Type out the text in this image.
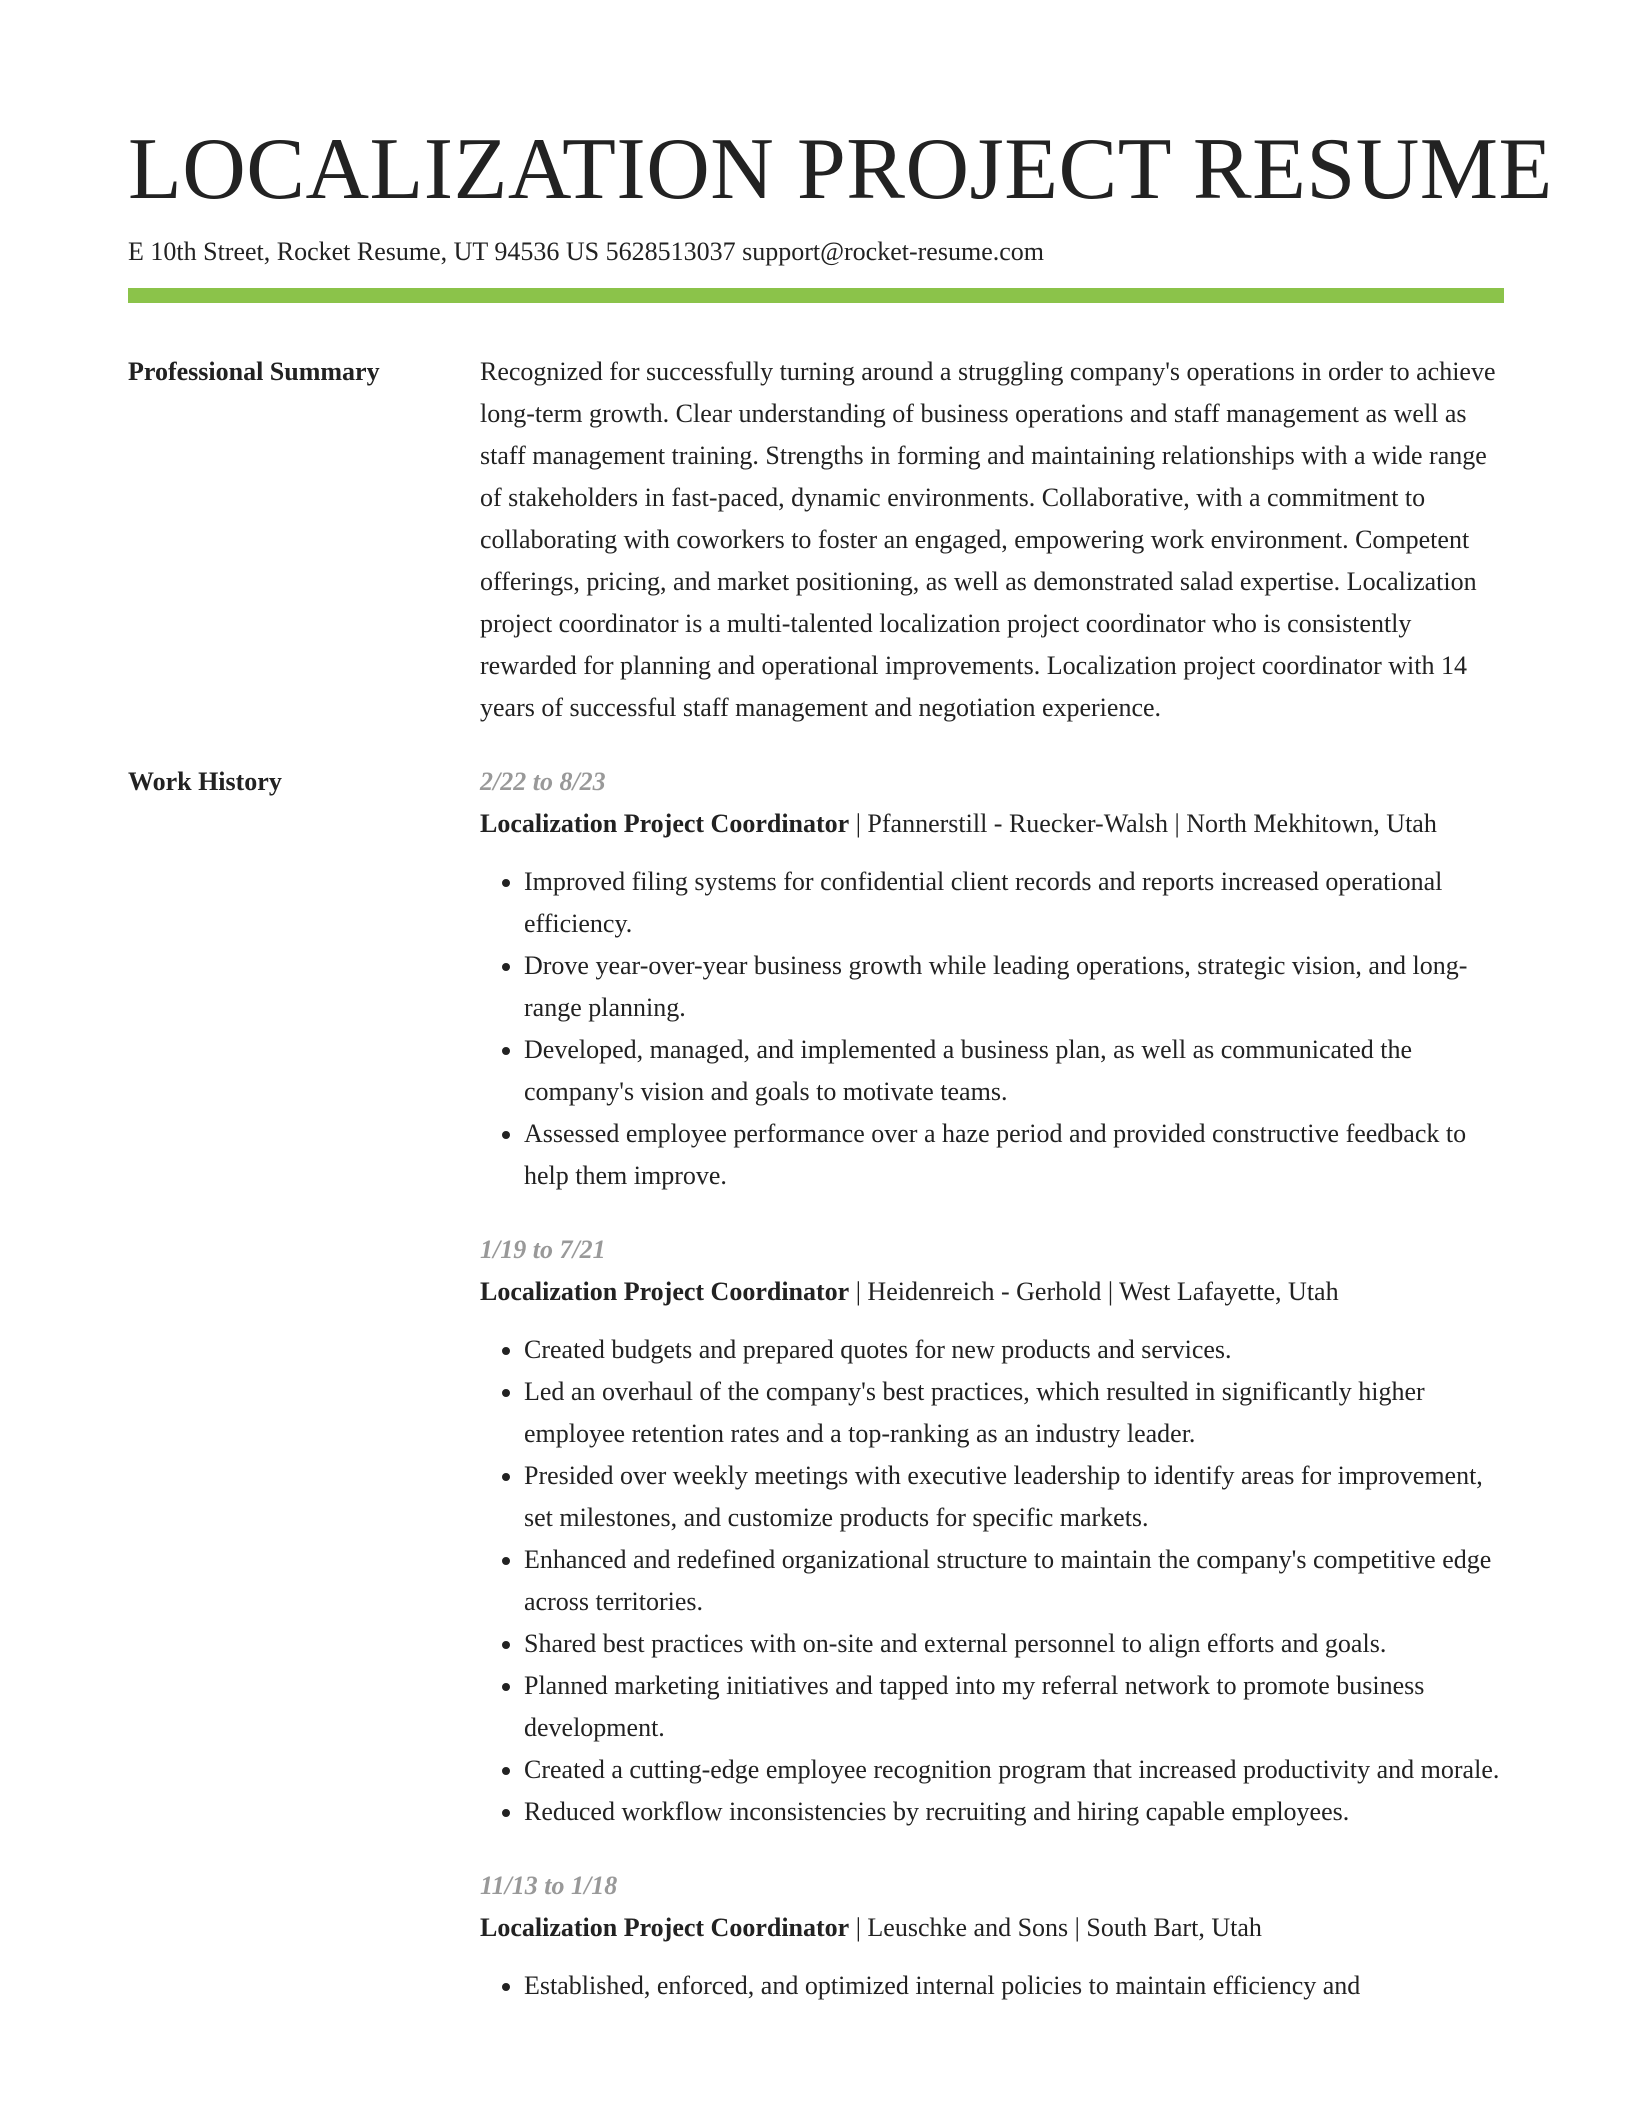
LOCALIZATION PROJECT RESUME
E 10th Street, Rocket Resume, UT 94536 US 5628513037 support@rocket-resume.com
Professional Summary	Recognized for successfully turning around a struggling company's operations in order to achieve long-term growth. Clear understanding of business operations and staff management as well as staff management training. Strengths in forming and maintaining relationships with a wide range of stakeholders in fast-paced, dynamic environments. Collaborative, with a commitment to collaborating with coworkers to foster an engaged, empowering work environment. Competent offerings, pricing, and market positioning, as well as demonstrated salad expertise. Localization project coordinator is a multi-talented localization project coordinator who is consistently rewarded for planning and operational improvements. Localization project coordinator with 14 years of successful staff management and negotiation experience.

Work History	2/22 to 8/23
Localization Project Coordinator | Pfannerstill - Ruecker-Walsh | North Mekhitown, Utah
• Improved filing systems for confidential client records and reports increased operational efficiency.
• Drove year-over-year business growth while leading operations, strategic vision, and long-range planning.
• Developed, managed, and implemented a business plan, as well as communicated the company's vision and goals to motivate teams.
• Assessed employee performance over a haze period and provided constructive feedback to help them improve.
1/19 to 7/21
Localization Project Coordinator | Heidenreich - Gerhold | West Lafayette, Utah
• Created budgets and prepared quotes for new products and services.
• Led an overhaul of the company's best practices, which resulted in significantly higher employee retention rates and a top-ranking as an industry leader.
• Presided over weekly meetings with executive leadership to identify areas for improvement, set milestones, and customize products for specific markets.
• Enhanced and redefined organizational structure to maintain the company's competitive edge across territories.
• Shared best practices with on-site and external personnel to align efforts and goals.
• Planned marketing initiatives and tapped into my referral network to promote business development.
• Created a cutting-edge employee recognition program that increased productivity and morale.
• Reduced workflow inconsistencies by recruiting and hiring capable employees.
11/13 to 1/18
Localization Project Coordinator | Leuschke and Sons | South Bart, Utah
• Established, enforced, and optimized internal policies to maintain efficiency and
